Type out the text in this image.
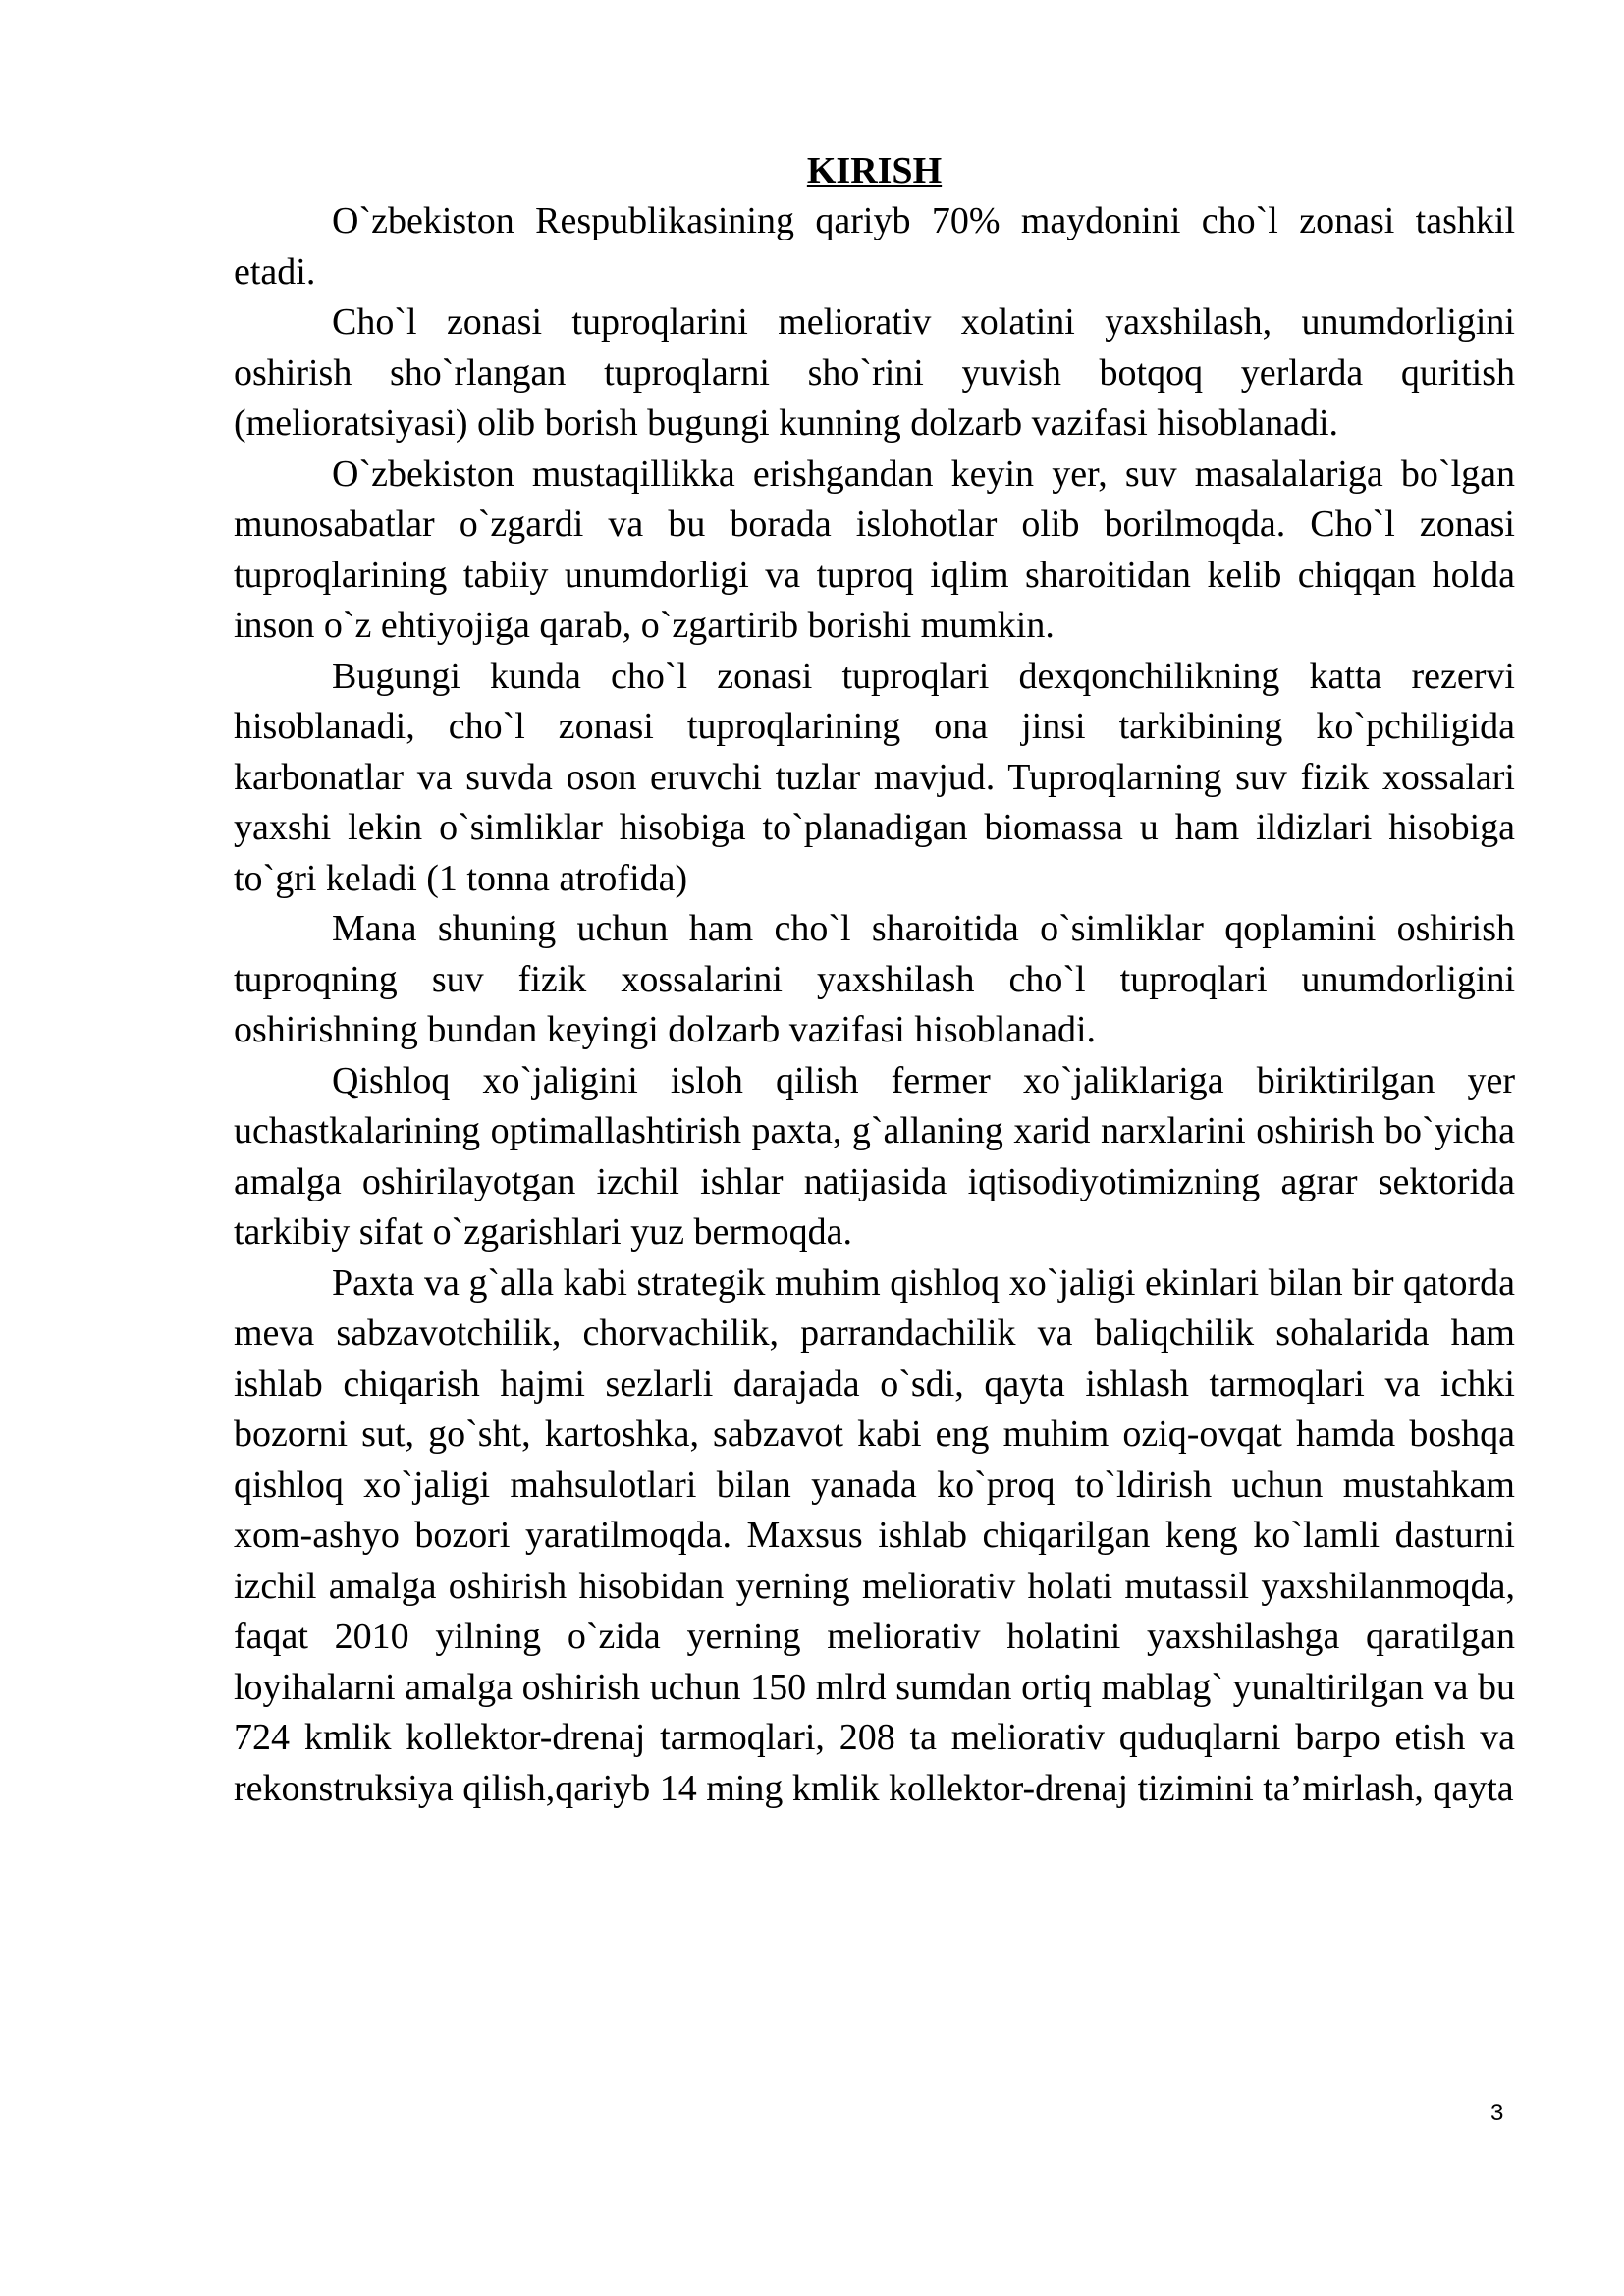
KIRISH

O`zbekiston Respublikasining qariyb 70% maydonini cho`l zonasi tashkil etadi.

Cho`l zonasi tuproqlarini meliorativ xolatini yaxshilash, unumdorligini oshirish sho`rlangan tuproqlarni sho`rini yuvish botqoq yerlarda quritish (melioratsiyasi) olib borish bugungi kunning dolzarb vazifasi hisoblanadi.

O`zbekiston mustaqillikka erishgandan keyin yer, suv masalalariga bo`lgan munosabatlar o`zgardi va bu borada islohotlar olib borilmoqda. Cho`l zonasi tuproqlarining tabiiy unumdorligi va tuproq iqlim sharoitidan kelib chiqqan holda inson o`z ehtiyojiga qarab, o`zgartirib borishi mumkin.

Bugungi kunda cho`l zonasi tuproqlari dexqonchilikning katta rezervi hisoblanadi, cho`l zonasi tuproqlarining ona jinsi tarkibining ko`pchiligida karbonatlar va suvda oson eruvchi tuzlar mavjud. Tuproqlarning suv fizik xossalari yaxshi lekin o`simliklar hisobiga to`planadigan biomassa u ham ildizlari hisobiga to`gri keladi (1 tonna atrofida)

Mana shuning uchun ham cho`l sharoitida o`simliklar qoplamini oshirish tuproqning suv fizik xossalarini yaxshilash cho`l tuproqlari unumdorligini oshirishning bundan keyingi dolzarb vazifasi hisoblanadi.

Qishloq xo`jaligini isloh qilish fermer xo`jaliklariga biriktirilgan yer uchastkalarining optimallashtirish paxta, g`allaning xarid narxlarini oshirish bo`yicha amalga oshirilayotgan izchil ishlar natijasida iqtisodiyotimizning agrar sektorida tarkibiy sifat o`zgarishlari yuz bermoqda.

Paxta va g`alla kabi strategik muhim qishloq xo`jaligi ekinlari bilan bir qatorda meva sabzavotchilik, chorvachilik, parrandachilik va baliqchilik sohalarida ham ishlab chiqarish hajmi sezlarli darajada o`sdi, qayta ishlash tarmoqlari va ichki bozorni sut, go`sht, kartoshka, sabzavot kabi eng muhim oziq-ovqat hamda boshqa qishloq xo`jaligi mahsulotlari bilan yanada ko`proq to`ldirish uchun mustahkam xom-ashyo bozori yaratilmoqda. Maxsus ishlab chiqarilgan keng ko`lamli dasturni izchil amalga oshirish hisobidan yerning meliorativ holati mutassil yaxshilanmoqda, faqat 2010 yilning o`zida yerning meliorativ holatini yaxshilashga qaratilgan loyihalarni amalga oshirish uchun 150 mlrd sumdan ortiq mablag` yunaltirilgan va bu 724 kmlik kollektor-drenaj tarmoqlari, 208 ta meliorativ quduqlarni barpo etish va rekonstruksiya qilish,qariyb 14 ming kmlik kollektor-drenaj tizimini ta’mirlash, qayta

3
